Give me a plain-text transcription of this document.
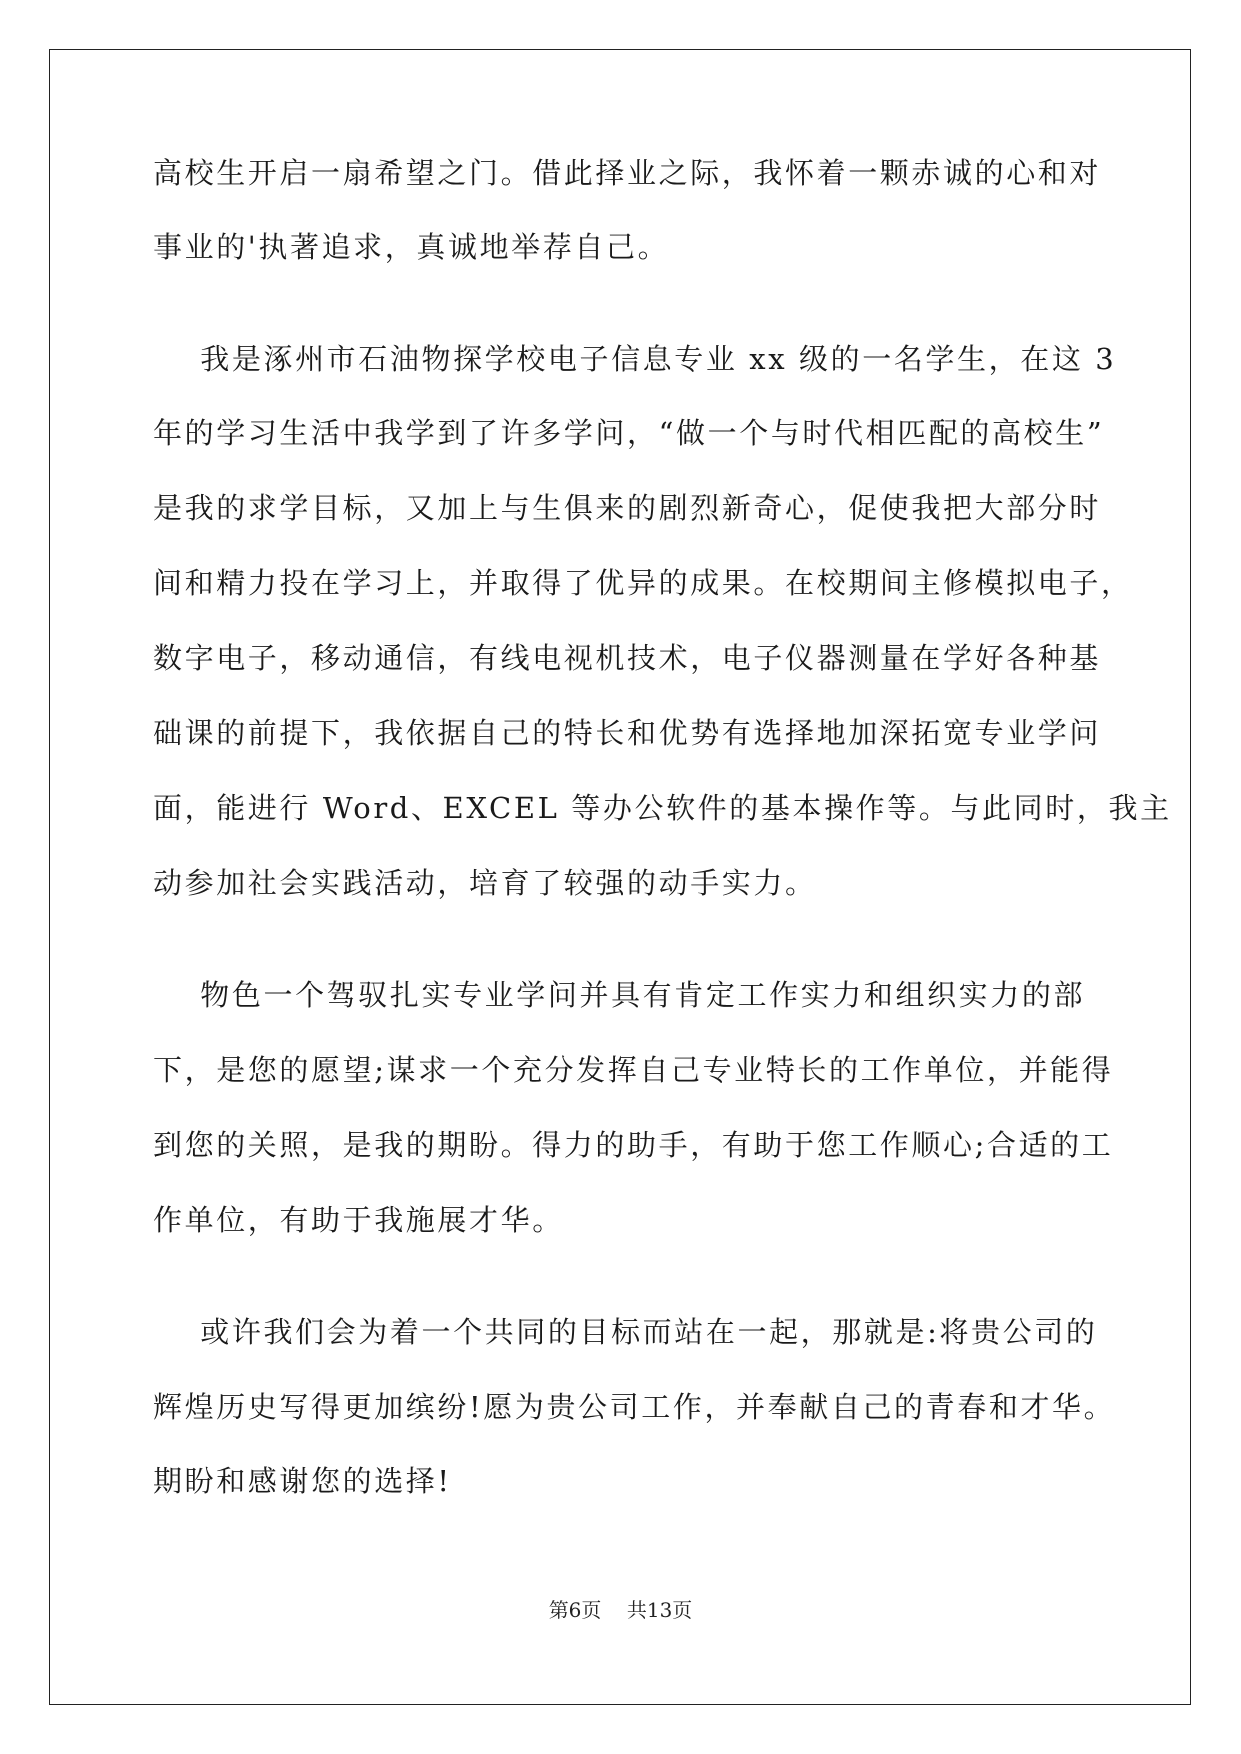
高校生开启一扇希望之门。借此择业之际，我怀着一颗赤诚的心和对
事业的'执著追求，真诚地举荐自己。
我是涿州市石油物探学校电子信息专业 xx 级的一名学生，在这 3
年的学习生活中我学到了许多学问，“做一个与时代相匹配的高校生”
是我的求学目标，又加上与生俱来的剧烈新奇心，促使我把大部分时
间和精力投在学习上，并取得了优异的成果。在校期间主修模拟电子，
数字电子，移动通信，有线电视机技术，电子仪器测量在学好各种基
础课的前提下，我依据自己的特长和优势有选择地加深拓宽专业学问
面，能进行 Word、EXCEL 等办公软件的基本操作等。与此同时，我主
动参加社会实践活动，培育了较强的动手实力。
物色一个驾驭扎实专业学问并具有肯定工作实力和组织实力的部
下，是您的愿望;谋求一个充分发挥自己专业特长的工作单位，并能得
到您的关照，是我的期盼。得力的助手，有助于您工作顺心;合适的工
作单位，有助于我施展才华。
或许我们会为着一个共同的目标而站在一起，那就是:将贵公司的
辉煌历史写得更加缤纷!愿为贵公司工作，并奉献自己的青春和才华。
期盼和感谢您的选择!
第6页    共13页
